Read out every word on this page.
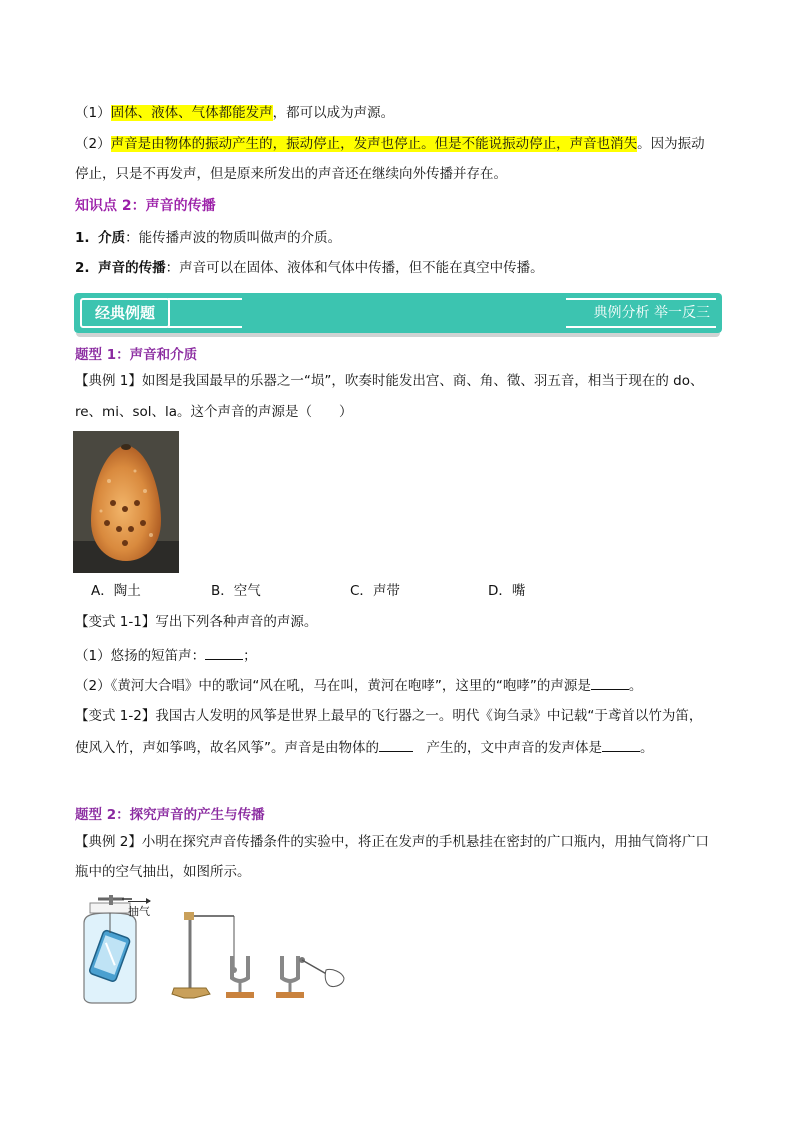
（1）固体、液体、气体都能发声，都可以成为声源。
（2）声音是由物体的振动产生的，振动停止，发声也停止。但是不能说振动停止，声音也消失。因为振动
停止，只是不再发声，但是原来所发出的声音还在继续向外传播并存在。
知识点 2：声音的传播
1. 介质：能传播声波的物质叫做声的介质。
2. 声音的传播：声音可以在固体、液体和气体中传播，但不能在真空中传播。
经典例题	典例分析 举一反三
题型 1：声音和介质
【典例 1】如图是我国最早的乐器之一“埙”，吹奏时能发出宫、商、角、徵、羽五音，相当于现在的 do、
re、mi、sol、la。这个声音的声源是（　　）
A．陶土	B．空气	C．声带	D．嘴
【变式 1-1】写出下列各种声音的声源。
（1）悠扬的短笛声：	；
（2）《黄河大合唱》中的歌词“风在吼，马在叫，黄河在咆哮”，这里的“咆哮”的声源是	。
【变式 1-2】我国古人发明的风筝是世界上最早的飞行器之一。明代《询刍录》中记载“于鸢首以竹为笛，
使风入竹，声如筝鸣，故名风筝”。声音是由物体的	　产生的，文中声音的发声体是	。
题型 2：探究声音的产生与传播
【典例 2】小明在探究声音传播条件的实验中，将正在发声的手机悬挂在密封的广口瓶内，用抽气筒将广口
瓶中的空气抽出，如图所示。
抽气
